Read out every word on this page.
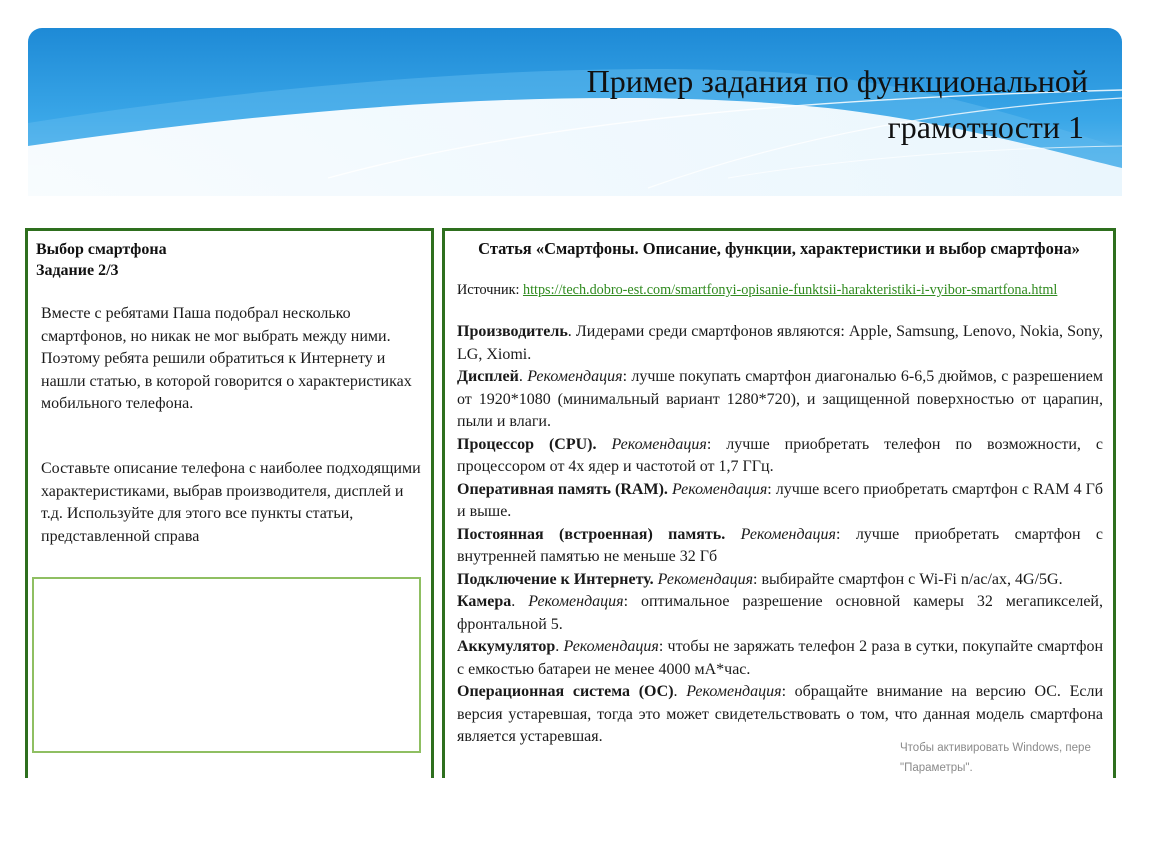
Пример задания по функциональной
грамотности 1
Выбор смартфона
Задание 2/3
Вместе с ребятами Паша подобрал несколько смартфонов, но никак не мог выбрать между ними. Поэтому ребята решили обратиться к Интернету и нашли статью, в которой говорится о характеристиках мобильного телефона.
Составьте описание телефона с наиболее подходящими характеристиками, выбрав производителя, дисплей и т.д. Используйте для этого все пункты статьи, представленной справа
Статья «Смартфоны. Описание, функции, характеристики и выбор смартфона»
Источник: https://tech.dobro-est.com/smartfonyi-opisanie-funktsii-harakteristiki-i-vyibor-smartfona.html
Производитель. Лидерами среди смартфонов являются: Apple, Samsung, Lenovo, Nokia, Sony, LG, Xiomi.
Дисплей. Рекомендация: лучше покупать смартфон диагональю 6-6,5 дюймов, с разрешением от 1920*1080 (минимальный вариант 1280*720), и защищенной поверхностью от царапин, пыли и влаги.
Процессор (CPU). Рекомендация: лучше приобретать телефон по возможности, с процессором от 4х ядер и частотой от 1,7 ГГц.
Оперативная память (RAM). Рекомендация: лучше всего приобретать смартфон с RAM 4 Гб и выше.
Постоянная (встроенная) память. Рекомендация: лучше приобретать смартфон с внутренней памятью не меньше 32 Гб
Подключение к Интернету. Рекомендация: выбирайте смартфон с Wi-Fi n/ac/ax, 4G/5G.
Камера. Рекомендация: оптимальное разрешение основной камеры 32 мегапикселей, фронтальной 5.
Аккумулятор. Рекомендация: чтобы не заряжать телефон 2 раза в сутки, покупайте смартфон с емкостью батареи не менее 4000 мА*час.
Операционная система (ОС). Рекомендация: обращайте внимание на версию ОС. Если версия устаревшая, тогда это может свидетельствовать о том, что данная модель смартфона является устаревшая.
Чтобы активировать Windows, пере
"Параметры".
